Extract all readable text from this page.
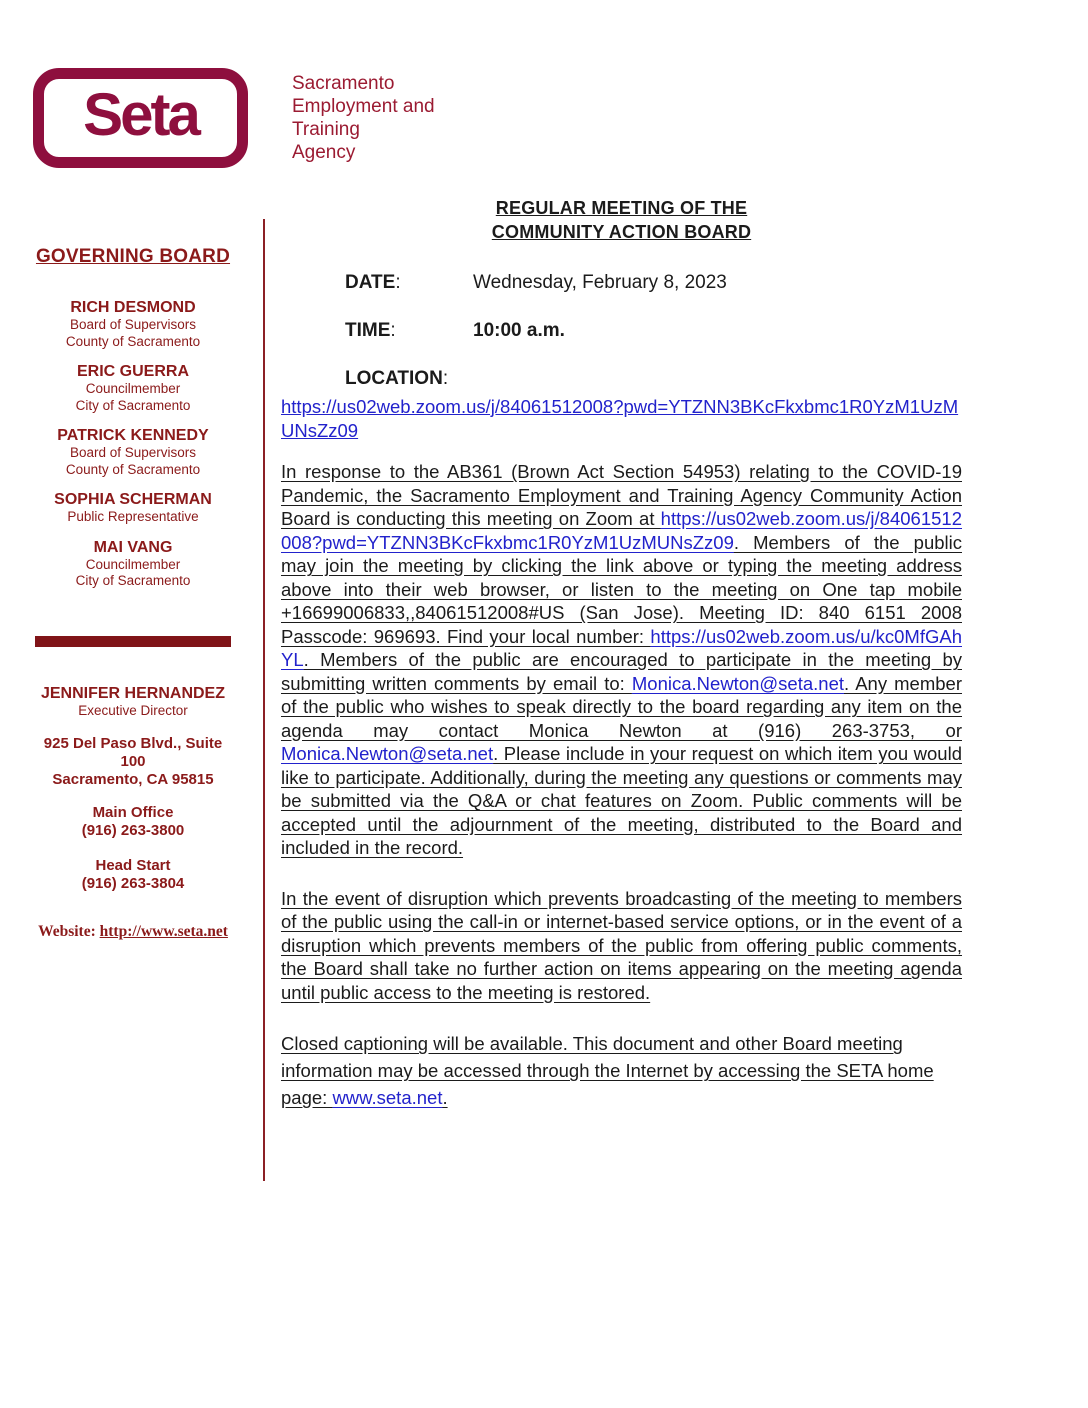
Seta	Sacramento
Employment and
Training
Agency
GOVERNING BOARD
RICH DESMOND
Board of Supervisors
County of Sacramento
ERIC GUERRA
Councilmember
City of Sacramento
PATRICK KENNEDY
Board of Supervisors
County of Sacramento
SOPHIA SCHERMAN
Public Representative
MAI VANG
Councilmember
City of Sacramento
JENNIFER HERNANDEZ
Executive Director
925 Del Paso Blvd., Suite 100
Sacramento, CA 95815
Main Office
(916) 263-3800
Head Start
(916) 263-3804
Website: http://www.seta.net
REGULAR MEETING OF THE
COMMUNITY ACTION BOARD
DATE:	Wednesday, February 8, 2023
TIME:	10:00 a.m.
LOCATION:
https://us02web.zoom.us/j/84061512008?pwd=YTZNN3BKcFkxbmc1R0YzM1UzMUNsZz09

In response to the AB361 (Brown Act Section 54953) relating to the COVID-19 Pandemic, the Sacramento Employment and Training Agency Community Action Board is conducting this meeting on Zoom at https://us02web.zoom.us/j/84061512008?pwd=YTZNN3BKcFkxbmc1R0YzM1UzMUNsZz09. Members of the public may join the meeting by clicking the link above or typing the meeting address above into their web browser, or listen to the meeting on One tap mobile +16699006833,,84061512008#US (San Jose). Meeting ID: 840 6151 2008 Passcode: 969693. Find your local number: https://us02web.zoom.us/u/kc0MfGAhYL. Members of the public are encouraged to participate in the meeting by submitting written comments by email to: Monica.Newton@seta.net. Any member of the public who wishes to speak directly to the board regarding any item on the agenda may contact Monica Newton at (916) 263-3753, or Monica.Newton@seta.net. Please include in your request on which item you would like to participate. Additionally, during the meeting any questions or comments may be submitted via the Q&A or chat features on Zoom. Public comments will be accepted until the adjournment of the meeting, distributed to the Board and included in the record.

In the event of disruption which prevents broadcasting of the meeting to members of the public using the call-in or internet-based service options, or in the event of a disruption which prevents members of the public from offering public comments, the Board shall take no further action on items appearing on the meeting agenda until public access to the meeting is restored.

Closed captioning will be available. This document and other Board meeting information may be accessed through the Internet by accessing the SETA home page: www.seta.net.
